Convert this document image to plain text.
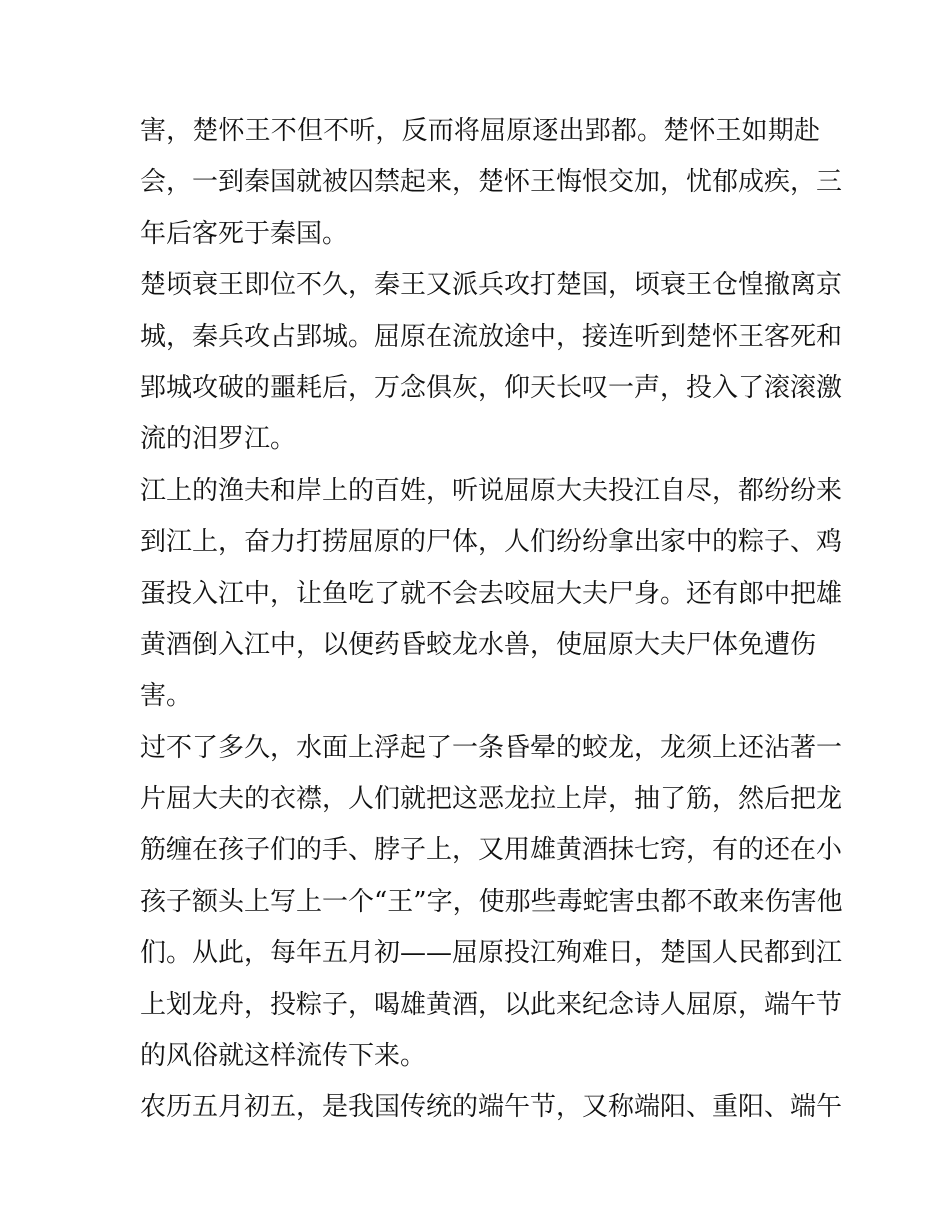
害，楚怀王不但不听，反而将屈原逐出郢都。楚怀王如期赴
会，一到秦国就被囚禁起来，楚怀王悔恨交加，忧郁成疾，三
年后客死于秦国。
楚顷衰王即位不久，秦王又派兵攻打楚国，顷衰王仓惶撤离京
城，秦兵攻占郢城。屈原在流放途中，接连听到楚怀王客死和
郢城攻破的噩耗后，万念俱灰，仰天长叹一声，投入了滚滚激
流的汨罗江。
江上的渔夫和岸上的百姓，听说屈原大夫投江自尽，都纷纷来
到江上，奋力打捞屈原的尸体，人们纷纷拿出家中的粽子、鸡
蛋投入江中，让鱼吃了就不会去咬屈大夫尸身。还有郎中把雄
黄酒倒入江中，以便药昏蛟龙水兽，使屈原大夫尸体免遭伤
害。
过不了多久，水面上浮起了一条昏晕的蛟龙，龙须上还沾著一
片屈大夫的衣襟，人们就把这恶龙拉上岸，抽了筋，然后把龙
筋缠在孩子们的手、脖子上，又用雄黄酒抹七窍，有的还在小
孩子额头上写上一个“王”字，使那些毒蛇害虫都不敢来伤害他
们。从此，每年五月初——屈原投江殉难日，楚国人民都到江
上划龙舟，投粽子，喝雄黄酒，以此来纪念诗人屈原，端午节
的风俗就这样流传下来。
农历五月初五，是我国传统的端午节，又称端阳、重阳、端午
